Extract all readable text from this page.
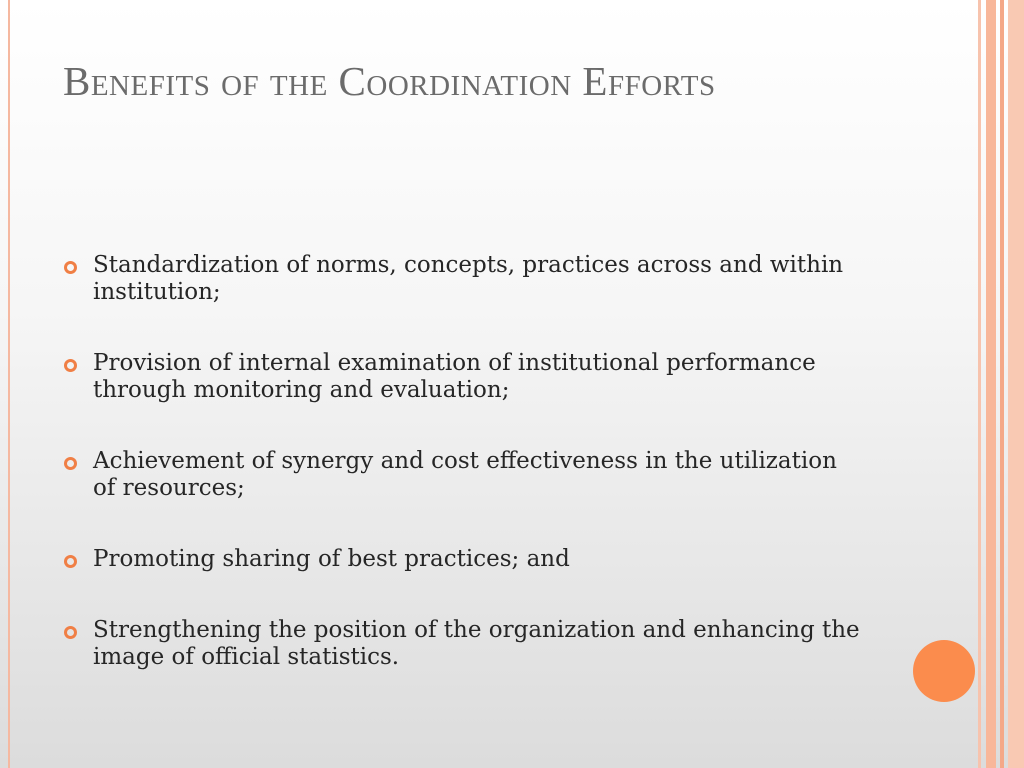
Benefits of the Coordination Efforts
Standardization of norms, concepts, practices across and within institution;
Provision of internal examination of institutional performance through monitoring and evaluation;
Achievement of synergy and cost effectiveness in the utilization of resources;
Promoting sharing of best practices; and
Strengthening the position of the organization and enhancing the image of official statistics.
